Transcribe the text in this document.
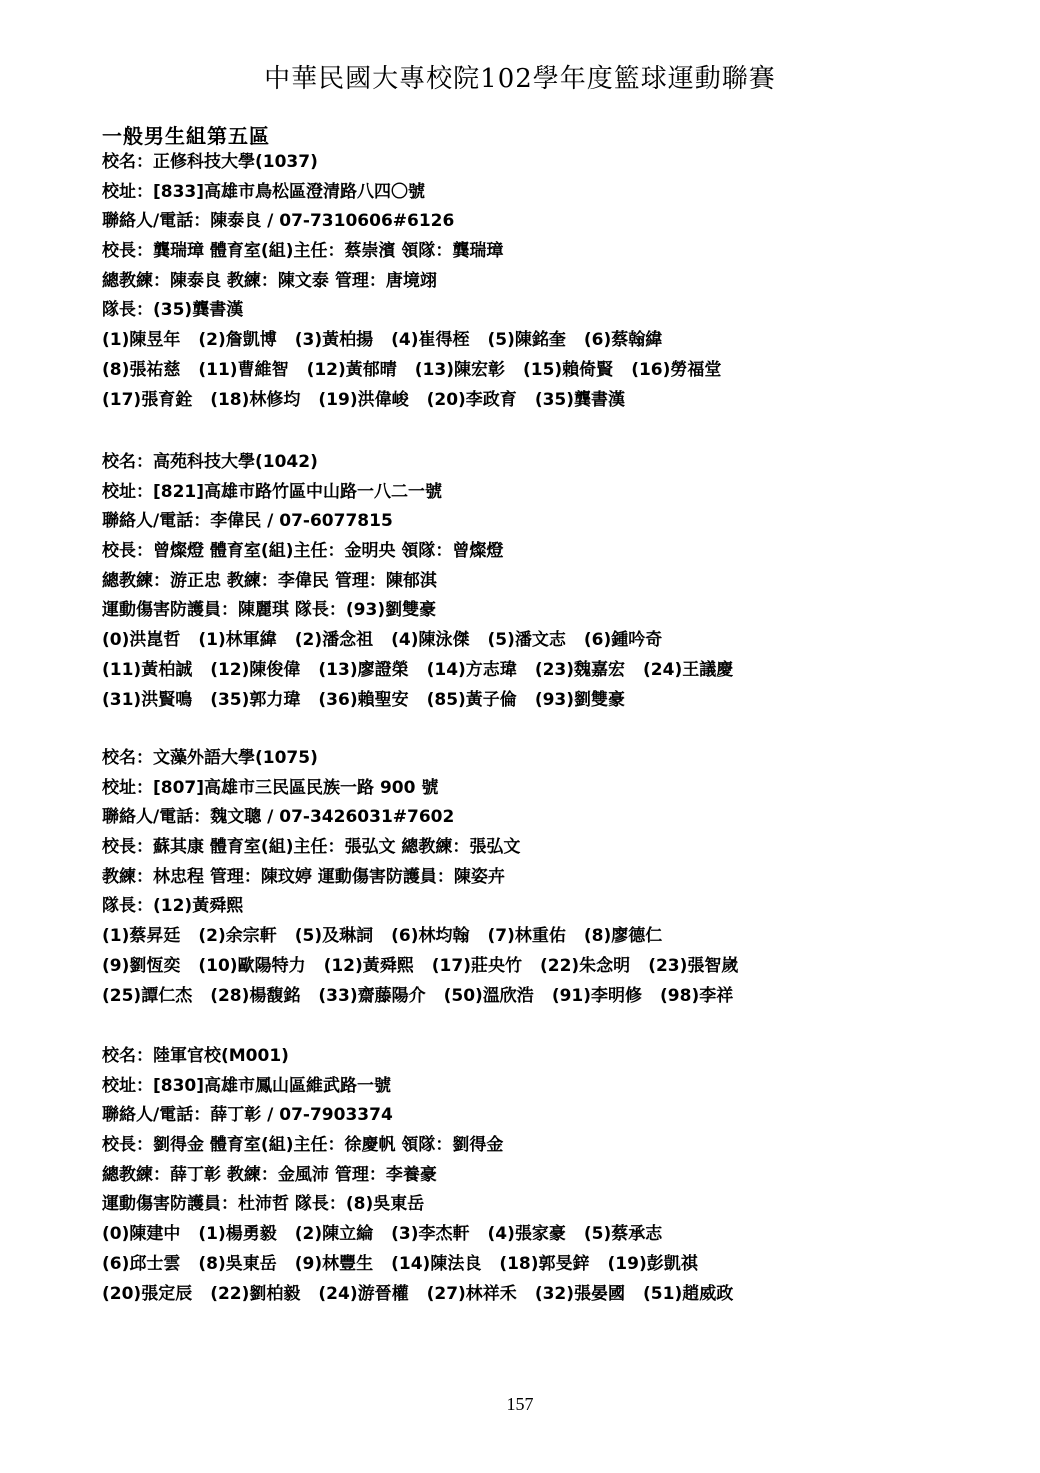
中華民國大專校院102學年度籃球運動聯賽
一般男生組第五區
校名：正修科技大學(1037)
校址：[833]高雄市鳥松區澄清路八四〇號
聯絡人/電話：陳泰良 / 07-7310606#6126
校長：龔瑞璋 體育室(組)主任：蔡崇濱 領隊：龔瑞璋
總教練：陳泰良 教練：陳文泰 管理：唐境翊
隊長：(35)龔書漢
(1)陳昱年 (2)詹凱博 (3)黃柏揚 (4)崔得桎 (5)陳銘奎 (6)蔡翰緯
(8)張祐慈 (11)曹維智 (12)黃郁晴 (13)陳宏彰 (15)賴倚賢 (16)勞福堂
(17)張育銓 (18)林修均 (19)洪偉峻 (20)李政育 (35)龔書漢
校名：高苑科技大學(1042)
校址：[821]高雄市路竹區中山路一八二一號
聯絡人/電話：李偉民 / 07-6077815
校長：曾燦燈 體育室(組)主任：金明央 領隊：曾燦燈
總教練：游正忠 教練：李偉民 管理：陳郁淇
運動傷害防護員：陳麗琪 隊長：(93)劉雙豪
(0)洪崑哲 (1)林軍緯 (2)潘念祖 (4)陳泳傑 (5)潘文志 (6)鍾吟奇
(11)黃柏誠 (12)陳俊偉 (13)廖證榮 (14)方志瑋 (23)魏嘉宏 (24)王議慶
(31)洪賢鳴 (35)郭力瑋 (36)賴聖安 (85)黃子倫 (93)劉雙豪
校名：文藻外語大學(1075)
校址：[807]高雄市三民區民族一路 900 號
聯絡人/電話：魏文聰 / 07-3426031#7602
校長：蘇其康 體育室(組)主任：張弘文 總教練：張弘文
教練：林忠程 管理：陳玟婷 運動傷害防護員：陳姿卉
隊長：(12)黃舜熙
(1)蔡昇廷 (2)余宗軒 (5)及琳詞 (6)林均翰 (7)林重佑 (8)廖德仁
(9)劉恆奕 (10)歐陽特力 (12)黃舜熙 (17)莊央竹 (22)朱念明 (23)張智嵗
(25)譚仁杰 (28)楊馥銘 (33)齋藤陽介 (50)溫欣浩 (91)李明修 (98)李祥
校名：陸軍官校(M001)
校址：[830]高雄市鳳山區維武路一號
聯絡人/電話：薛丁彰 / 07-7903374
校長：劉得金 體育室(組)主任：徐慶帆 領隊：劉得金
總教練：薛丁彰 教練：金風沛 管理：李養豪
運動傷害防護員：杜沛哲 隊長：(8)吳東岳
(0)陳建中 (1)楊勇毅 (2)陳立綸 (3)李杰軒 (4)張家豪 (5)蔡承志
(6)邱士雲 (8)吳東岳 (9)林豐生 (14)陳法良 (18)郭旻鋅 (19)彭凱祺
(20)張定辰 (22)劉柏毅 (24)游晉權 (27)林祥禾 (32)張晏國 (51)趙威政
157
